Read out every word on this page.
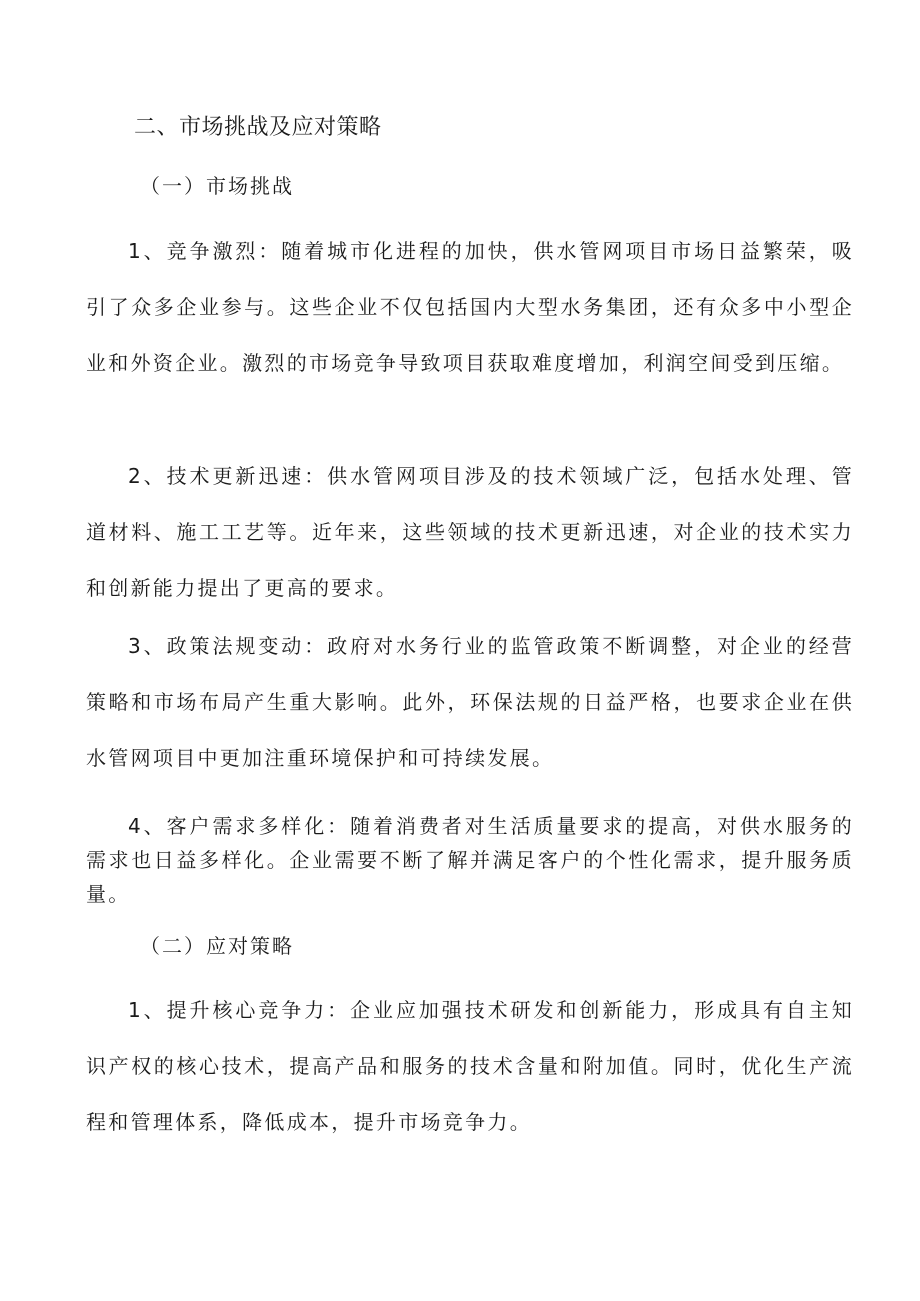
二、市场挑战及应对策略
（一）市场挑战

1、竞争激烈：随着城市化进程的加快，供水管网项目市场日益繁荣，吸引了众多企业参与。这些企业不仅包括国内大型水务集团，还有众多中小型企业和外资企业。激烈的市场竞争导致项目获取难度增加，利润空间受到压缩。

2、技术更新迅速：供水管网项目涉及的技术领域广泛，包括水处理、管道材料、施工工艺等。近年来，这些领域的技术更新迅速，对企业的技术实力和创新能力提出了更高的要求。

3、政策法规变动：政府对水务行业的监管政策不断调整，对企业的经营策略和市场布局产生重大影响。此外，环保法规的日益严格，也要求企业在供水管网项目中更加注重环境保护和可持续发展。

4、客户需求多样化：随着消费者对生活质量要求的提高，对供水服务的需求也日益多样化。企业需要不断了解并满足客户的个性化需求，提升服务质量。

（二）应对策略

1、提升核心竞争力：企业应加强技术研发和创新能力，形成具有自主知识产权的核心技术，提高产品和服务的技术含量和附加值。同时，优化生产流程和管理体系，降低成本，提升市场竞争力。
